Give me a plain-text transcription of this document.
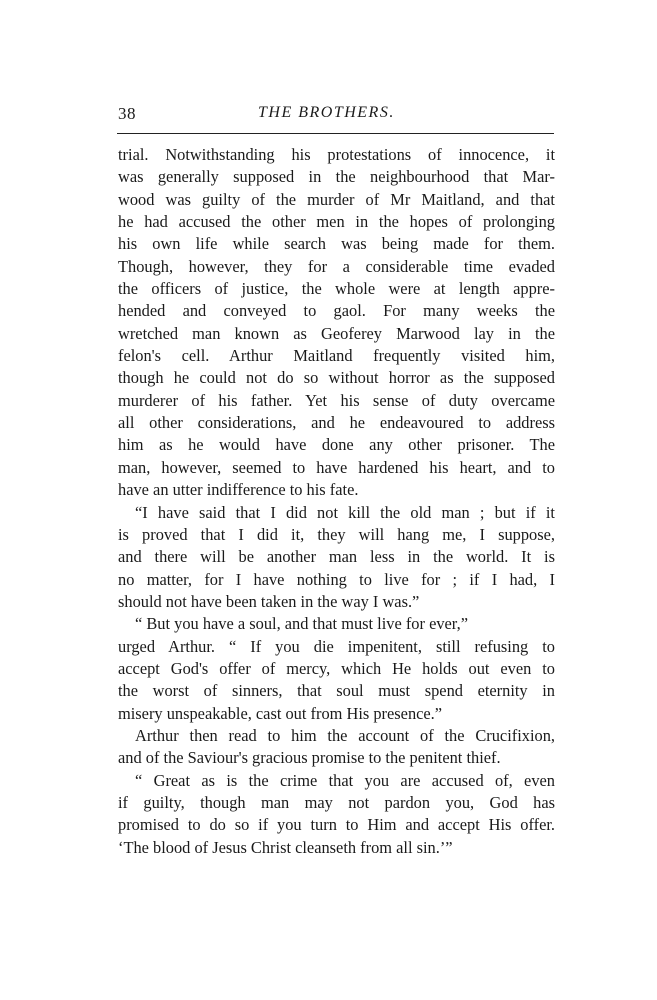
38	THE BROTHERS.
trial. Notwithstanding his protestations of innocence, it
was generally supposed in the neighbourhood that Mar-
wood was guilty of the murder of Mr Maitland, and that
he had accused the other men in the hopes of prolonging
his own life while search was being made for them.
Though, however, they for a considerable time evaded
the officers of justice, the whole were at length appre-
hended and conveyed to gaol. For many weeks the
wretched man known as Geoferey Marwood lay in the
felon's cell. Arthur Maitland frequently visited him,
though he could not do so without horror as the supposed
murderer of his father. Yet his sense of duty overcame
all other considerations, and he endeavoured to address
him as he would have done any other prisoner. The
man, however, seemed to have hardened his heart, and to
have an utter indifference to his fate.
“I have said that I did not kill the old man ; but if it
is proved that I did it, they will hang me, I suppose,
and there will be another man less in the world. It is
no matter, for I have nothing to live for ; if I had, I
should not have been taken in the way I was.”
“ But you have a soul, and that must live for ever,”
urged Arthur. “ If you die impenitent, still refusing to
accept God's offer of mercy, which He holds out even to
the worst of sinners, that soul must spend eternity in
misery unspeakable, cast out from His presence.”
Arthur then read to him the account of the Crucifixion,
and of the Saviour's gracious promise to the penitent thief.
“ Great as is the crime that you are accused of, even
if guilty, though man may not pardon you, God has
promised to do so if you turn to Him and accept His offer.
‘The blood of Jesus Christ cleanseth from all sin.’”
